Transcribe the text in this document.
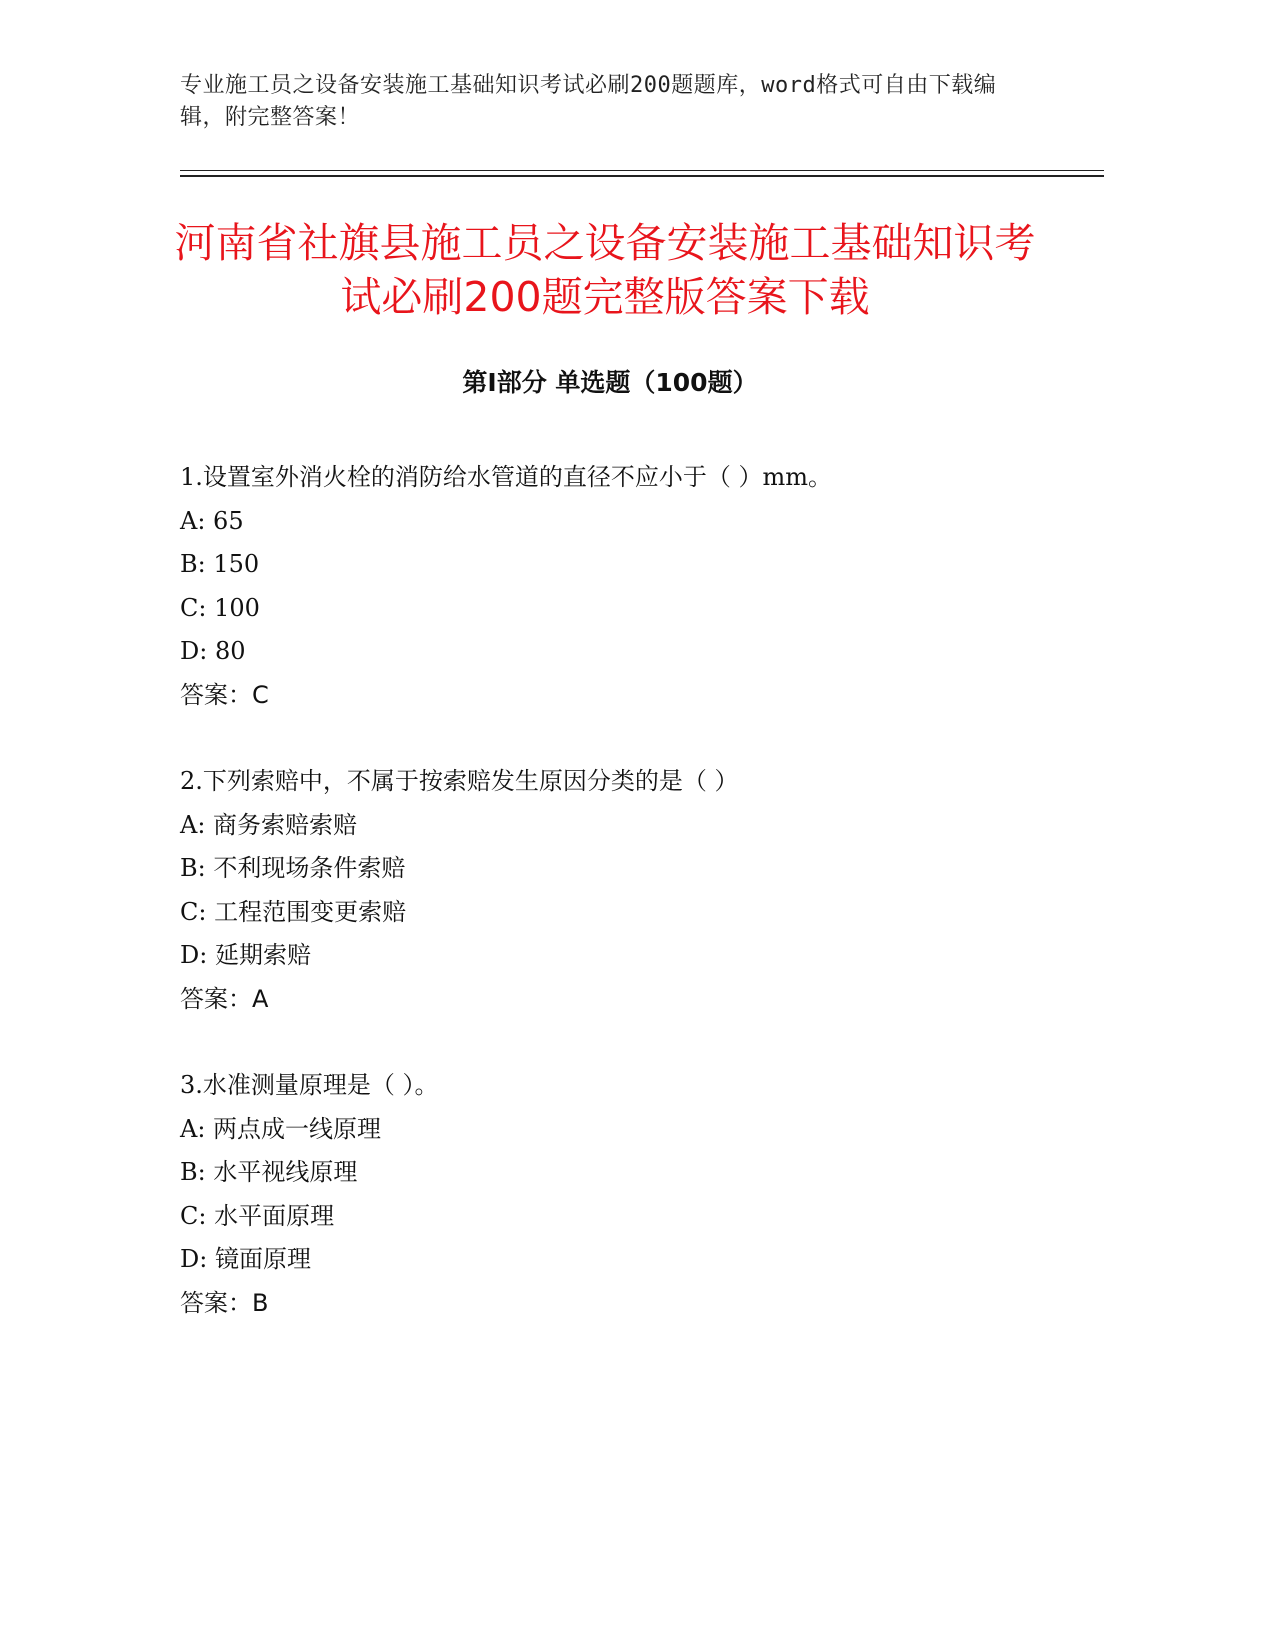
专业施工员之设备安装施工基础知识考试必刷200题题库，word格式可自由下载编辑，附完整答案！
河南省社旗县施工员之设备安装施工基础知识考试必刷200题完整版答案下载
第Ⅰ部分 单选题（100题）
1.设置室外消火栓的消防给水管道的直径不应小于（ ）mm。
A: 65
B: 150
C: 100
D: 80
答案：C
2.下列索赔中，不属于按索赔发生原因分类的是（ ）
A: 商务索赔索赔
B: 不利现场条件索赔
C: 工程范围变更索赔
D: 延期索赔
答案：A
3.水准测量原理是（ ）。
A: 两点成一线原理
B: 水平视线原理
C: 水平面原理
D: 镜面原理
答案：B
